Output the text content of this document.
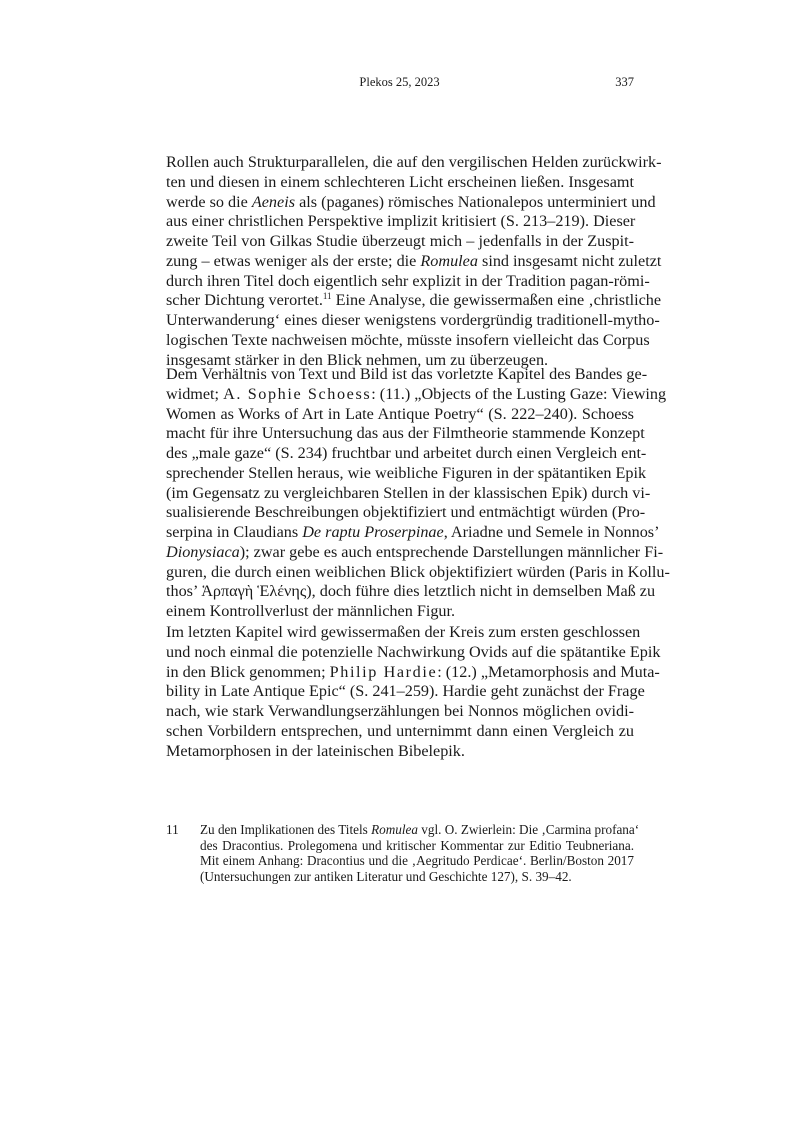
Plekos 25, 2023	337
Rollen auch Strukturparallelen, die auf den vergilischen Helden zurückwirk-
ten und diesen in einem schlechteren Licht erscheinen ließen. Insgesamt
werde so die Aeneis als (paganes) römisches Nationalepos unterminiert und
aus einer christlichen Perspektive implizit kritisiert (S. 213–219). Dieser
zweite Teil von Gilkas Studie überzeugt mich – jedenfalls in der Zuspit-
zung – etwas weniger als der erste; die Romulea sind insgesamt nicht zuletzt
durch ihren Titel doch eigentlich sehr explizit in der Tradition pagan-römi-
scher Dichtung verortet.$^{11}$ Eine Analyse, die gewissermaßen eine ‚christliche
Unterwanderung‘ eines dieser wenigstens vordergründig traditionell-mytho-
logischen Texte nachweisen möchte, müsste insofern vielleicht das Corpus
insgesamt stärker in den Blick nehmen, um zu überzeugen.
Dem Verhältnis von Text und Bild ist das vorletzte Kapitel des Bandes ge-
widmet; A. Sophie Schoess: (11.) „Objects of the Lusting Gaze: Viewing
Women as Works of Art in Late Antique Poetry“ (S. 222–240). Schoess
macht für ihre Untersuchung das aus der Filmtheorie stammende Konzept
des „male gaze“ (S. 234) fruchtbar und arbeitet durch einen Vergleich ent-
sprechender Stellen heraus, wie weibliche Figuren in der spätantiken Epik
(im Gegensatz zu vergleichbaren Stellen in der klassischen Epik) durch vi-
sualisierende Beschreibungen objektifiziert und entmächtigt würden (Pro-
serpina in Claudians De raptu Proserpinae, Ariadne und Semele in Nonnos’
Dionysiaca); zwar gebe es auch entsprechende Darstellungen männlicher Fi-
guren, die durch einen weiblichen Blick objektifiziert würden (Paris in Kollu-
thos’ Ἁρπαγὴ Ἑλένης), doch führe dies letztlich nicht in demselben Maß zu
einem Kontrollverlust der männlichen Figur.
Im letzten Kapitel wird gewissermaßen der Kreis zum ersten geschlossen
und noch einmal die potenzielle Nachwirkung Ovids auf die spätantike Epik
in den Blick genommen; Philip Hardie: (12.) „Metamorphosis and Muta-
bility in Late Antique Epic“ (S. 241–259). Hardie geht zunächst der Frage
nach, wie stark Verwandlungserzählungen bei Nonnos möglichen ovidi-
schen Vorbildern entsprechen, und unternimmt dann einen Vergleich zu
Metamorphosen in der lateinischen Bibelepik.
11 Zu den Implikationen des Titels Romulea vgl. O. Zwierlein: Die ‚Carmina profana‘
des Dracontius. Prolegomena und kritischer Kommentar zur Editio Teubneriana.
Mit einem Anhang: Dracontius und die ‚Aegritudo Perdicae‘. Berlin/Boston 2017
(Untersuchungen zur antiken Literatur und Geschichte 127), S. 39–42.
